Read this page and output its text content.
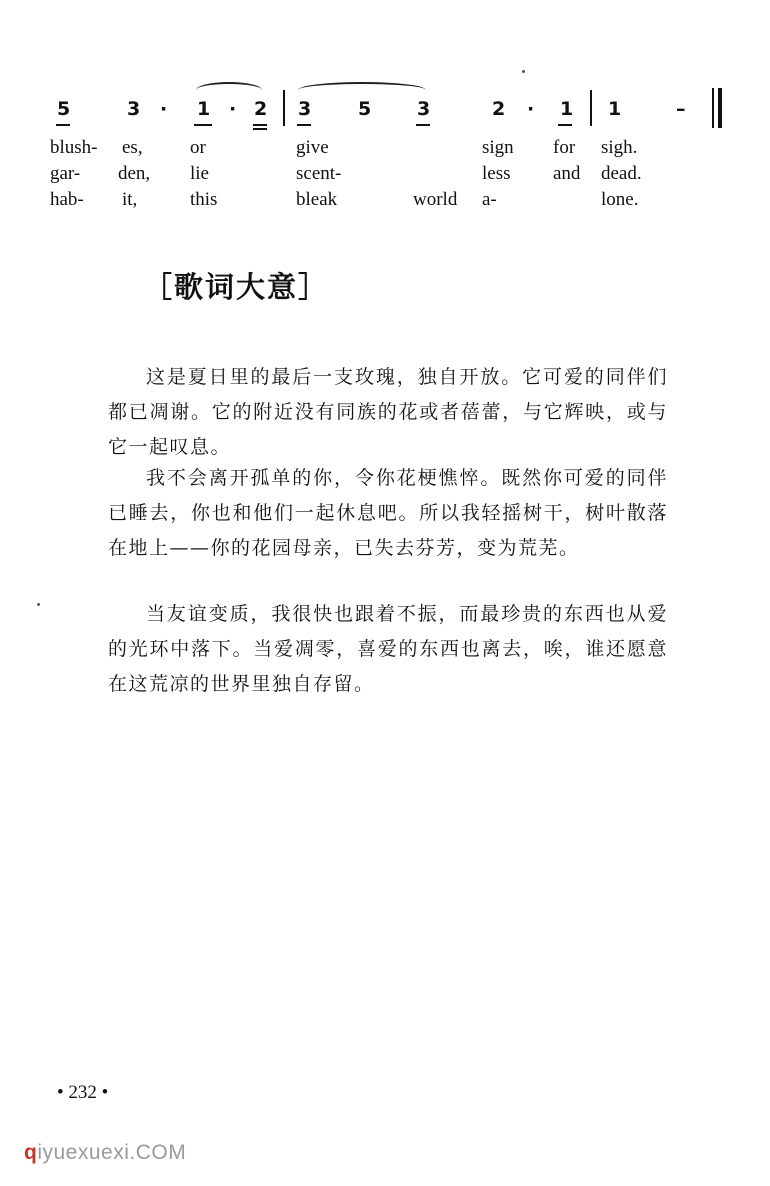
5	3 · 1 · 2 3 5 3	2 · 1 1	–
blush- es, or	give	sign for sigh.
gar- den, lie	scent-	less and dead.
hab- it,	this	bleak	world a-	lone.
［歌词大意］

这是夏日里的最后一支玫瑰，独自开放。它可爱的同伴们都已凋谢。它的附近没有同族的花或者蓓蕾，与它辉映，或与它一起叹息。

我不会离开孤单的你，令你花梗憔悴。既然你可爱的同伴已睡去，你也和他们一起休息吧。所以我轻摇树干，树叶散落在地上——你的花园母亲，已失去芬芳，变为荒芜。

当友谊变质，我很快也跟着不振，而最珍贵的东西也从爱的光环中落下。当爱凋零，喜爱的东西也离去，唉，谁还愿意在这荒凉的世界里独自存留。

• 232 •
qiyuexuexi.COM
